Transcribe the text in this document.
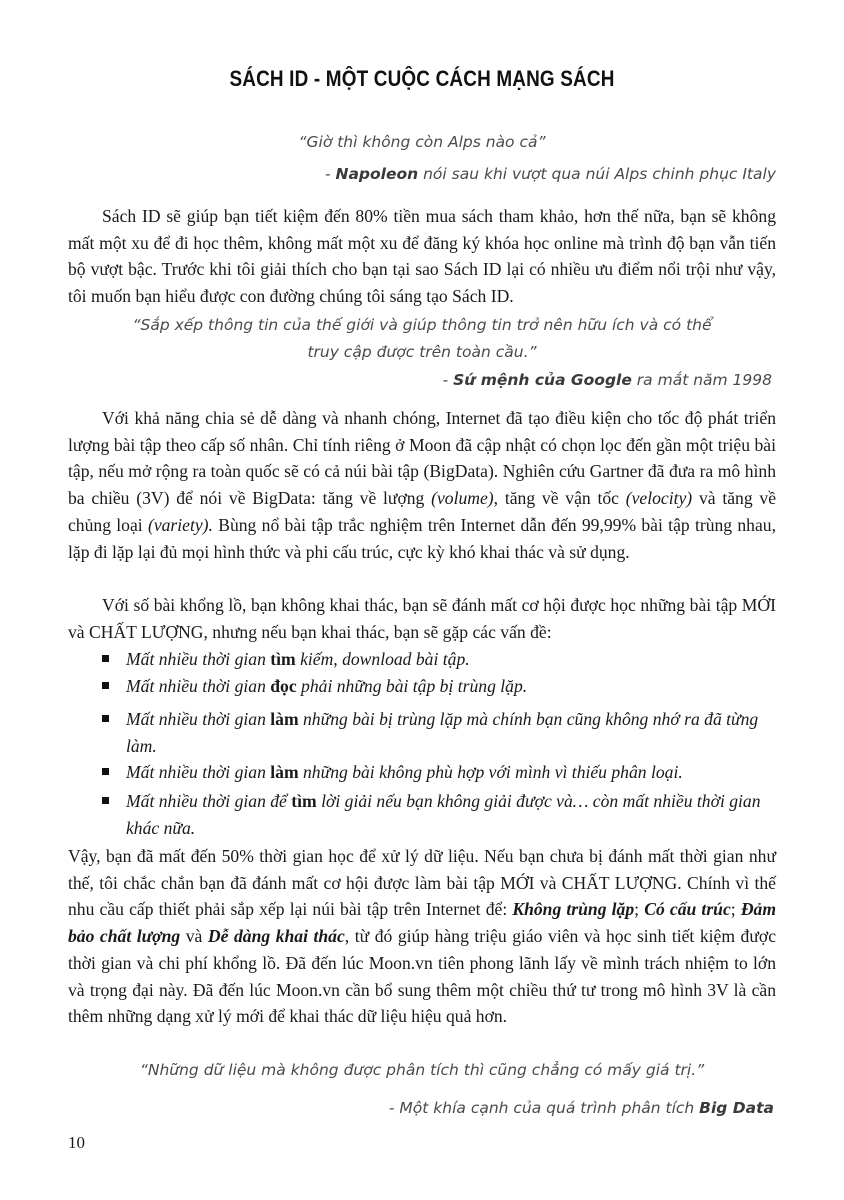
SÁCH ID - MỘT CUỘC CÁCH MẠNG SÁCH
“Giờ thì không còn Alps nào cả”
- Napoleon nói sau khi vượt qua núi Alps chinh phục Italy

Sách ID sẽ giúp bạn tiết kiệm đến 80% tiền mua sách tham khảo, hơn thế nữa, bạn sẽ không mất một xu để đi học thêm, không mất một xu để đăng ký khóa học online mà trình độ bạn vẫn tiến bộ vượt bậc. Trước khi tôi giải thích cho bạn tại sao Sách ID lại có nhiều ưu điểm nổi trội như vậy, tôi muốn bạn hiểu được con đường chúng tôi sáng tạo Sách ID.

“Sắp xếp thông tin của thế giới và giúp thông tin trở nên hữu ích và có thể
truy cập được trên toàn cầu.”
- Sứ mệnh của Google ra mắt năm 1998

Với khả năng chia sẻ dễ dàng và nhanh chóng, Internet đã tạo điều kiện cho tốc độ phát triển lượng bài tập theo cấp số nhân. Chỉ tính riêng ở Moon đã cập nhật có chọn lọc đến gần một triệu bài tập, nếu mở rộng ra toàn quốc sẽ có cả núi bài tập (BigData). Nghiên cứu Gartner đã đưa ra mô hình ba chiều (3V) để nói về BigData: tăng về lượng (volume), tăng về vận tốc (velocity) và tăng về chủng loại (variety). Bùng nổ bài tập trắc nghiệm trên Internet dẫn đến 99,99% bài tập trùng nhau, lặp đi lặp lại đủ mọi hình thức và phi cấu trúc, cực kỳ khó khai thác và sử dụng.

Với số bài khổng lồ, bạn không khai thác, bạn sẽ đánh mất cơ hội được học những bài tập MỚI và CHẤT LƯỢNG, nhưng nếu bạn khai thác, bạn sẽ gặp các vấn đề:

Mất nhiều thời gian tìm kiếm, download bài tập.
Mất nhiều thời gian đọc phải những bài tập bị trùng lặp.
Mất nhiều thời gian làm những bài bị trùng lặp mà chính bạn cũng không nhớ ra đã từng làm.
Mất nhiều thời gian làm những bài không phù hợp với mình vì thiếu phân loại.
Mất nhiều thời gian để tìm lời giải nếu bạn không giải được và… còn mất nhiều thời gian khác nữa.

Vậy, bạn đã mất đến 50% thời gian học để xử lý dữ liệu. Nếu bạn chưa bị đánh mất thời gian như thế, tôi chắc chắn bạn đã đánh mất cơ hội được làm bài tập MỚI và CHẤT LƯỢNG. Chính vì thế nhu cầu cấp thiết phải sắp xếp lại núi bài tập trên Internet để: Không trùng lặp; Có cấu trúc; Đảm bảo chất lượng và Dễ dàng khai thác, từ đó giúp hàng triệu giáo viên và học sinh tiết kiệm được thời gian và chi phí khổng lồ. Đã đến lúc Moon.vn tiên phong lãnh lấy về mình trách nhiệm to lớn và trọng đại này. Đã đến lúc Moon.vn cần bổ sung thêm một chiều thứ tư trong mô hình 3V là cần thêm những dạng xử lý mới để khai thác dữ liệu hiệu quả hơn.

“Những dữ liệu mà không được phân tích thì cũng chẳng có mấy giá trị.”
- Một khía cạnh của quá trình phân tích Big Data
10
